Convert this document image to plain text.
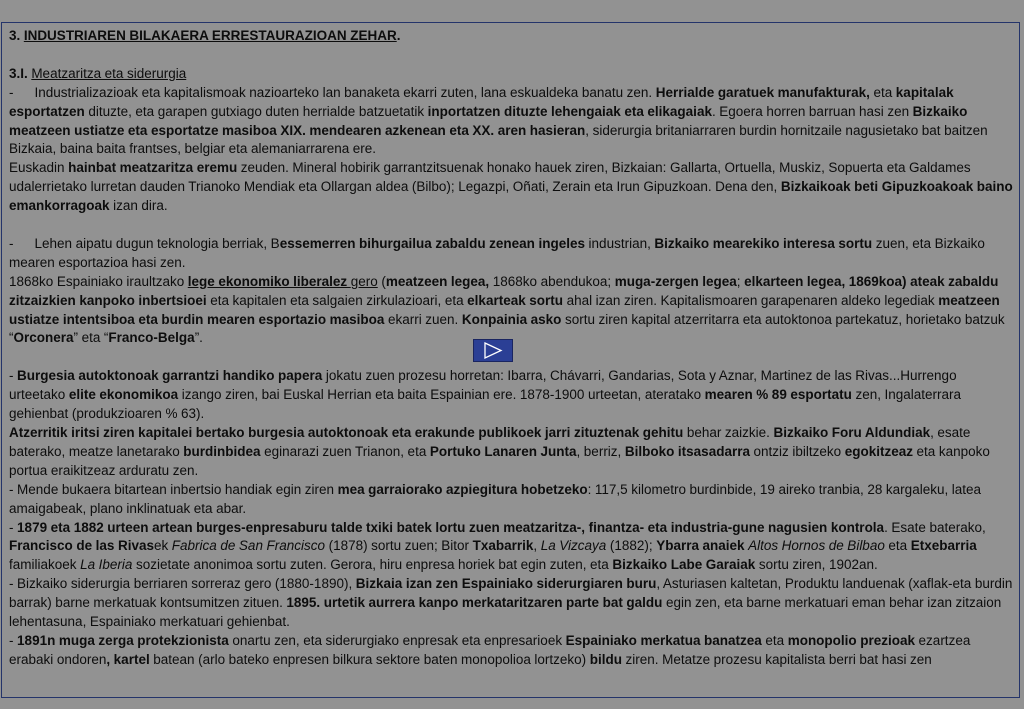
3. INDUSTRIAREN BILAKAERA ERRESTAURAZIOAN ZEHAR.

3.I. Meatzaritza eta siderurgia

- Industrializazioak eta kapitalismoak nazioarteko lan banaketa ekarri zuten, lana eskualdeka banatu zen. Herrialde garatuek manufakturak, eta kapitalak esportatzen dituzte, eta garapen gutxiago duten herrialde batzuetatik inportatzen dituzte lehengaiak eta elikagaiak. Egoera horren barruan hasi zen Bizkaiko meatzeen ustiatze eta esportatze masiboa XIX. mendearen azkenean eta XX. aren hasieran, siderurgia britaniarraren burdin hornitzaile nagusietako bat baitzen Bizkaia, baina baita frantses, belgiar eta alemaniarrarena ere.

Euskadin hainbat meatzaritza eremu zeuden. Mineral hobirik garrantzitsuenak honako hauek ziren, Bizkaian: Gallarta, Ortuella, Muskiz, Sopuerta eta Galdames udalerrietako lurretan dauden Trianoko Mendiak eta Ollargan aldea (Bilbo); Legazpi, Oñati, Zerain eta Irun Gipuzkoan. Dena den, Bizkaikoak beti Gipuzkoakoak baino emankorragoak izan dira.

- Lehen aipatu dugun teknologia berriak, Bessemerren bihurgailua zabaldu zenean ingeles industrian, Bizkaiko mearekiko interesa sortu zuen, eta Bizkaiko mearen esportazioa hasi zen.

1868ko Espainiako iraultzako lege ekonomiko liberalez gero (meatzeen legea, 1868ko abendukoa; muga-zergen legea; elkarteen legea, 1869koa) ateak zabaldu zitzaizkien kanpoko inbertsioei eta kapitalen eta salgaien zirkulazioari, eta elkarteak sortu ahal izan ziren. Kapitalismoaren garapenaren aldeko legediak meatzeen ustiatze intentsiboa eta burdin mearen esportazio masiboa ekarri zuen. Konpainia asko sortu ziren kapital atzerritarra eta autoktonoa partekatuz, horietako batzuk “Orconera” eta “Franco-Belga”.

- Burgesia autoktonoak garrantzi handiko papera jokatu zuen prozesu horretan: Ibarra, Chávarri, Gandarias, Sota y Aznar, Martinez de las Rivas...Hurrengo urteetako elite ekonomikoa izango ziren, bai Euskal Herrian eta baita Espainian ere. 1878-1900 urteetan, ateratako mearen % 89 esportatu zen, Ingalaterrara gehienbat (produkzioaren % 63).

Atzerritik iritsi ziren kapitalei bertako burgesia autoktonoak eta erakunde publikoek jarri zituztenak gehitu behar zaizkie. Bizkaiko Foru Aldundiak, esate baterako, meatze lanetarako burdinbidea eginarazi zuen Trianon, eta Portuko Lanaren Junta, berriz, Bilboko itsasadarra ontziz ibiltzeko egokitzeaz eta kanpoko portua eraikitzeaz arduratu zen.

- Mende bukaera bitartean inbertsio handiak egin ziren mea garraiorako azpiegitura hobetzeko: 117,5 kilometro burdinbide, 19 aireko tranbia, 28 kargaleku, latea amaigabeak, plano inklinatuak eta abar.

- 1879 eta 1882 urteen artean burges-enpresaburu talde txiki batek lortu zuen meatzaritza-, finantza- eta industria-gune nagusien kontrola. Esate baterako, Francisco de las Rivasek Fabrica de San Francisco (1878) sortu zuen; Bitor Txabarrik, La Vizcaya (1882); Ybarra anaiek Altos Hornos de Bilbao eta Etxebarria familiakoek La Iberia sozietate anonimoa sortu zuten. Gerora, hiru enpresa horiek bat egin zuten, eta Bizkaiko Labe Garaiak sortu ziren, 1902an.

- Bizkaiko siderurgia berriaren sorreraz gero (1880-1890), Bizkaia izan zen Espainiako siderurgiaren buru, Asturiasen kaltetan, Produktu landuenak (xaflak-eta burdin barrak) barne merkatuak kontsumitzen zituen. 1895. urtetik aurrera kanpo merkataritzaren parte bat galdu egin zen, eta barne merkatuari eman behar izan zitzaion lehentasuna, Espainiako merkatuari gehienbat.

- 1891n muga zerga protekzionista onartu zen, eta siderurgiako enpresak eta enpresarioek Espainiako merkatua banatzea eta monopolio prezioak ezartzea erabaki ondoren, kartel batean (arlo bateko enpresen bilkura sektore baten monopolioa lortzeko) bildu ziren. Metatze prozesu kapitalista berri bat hasi zen
